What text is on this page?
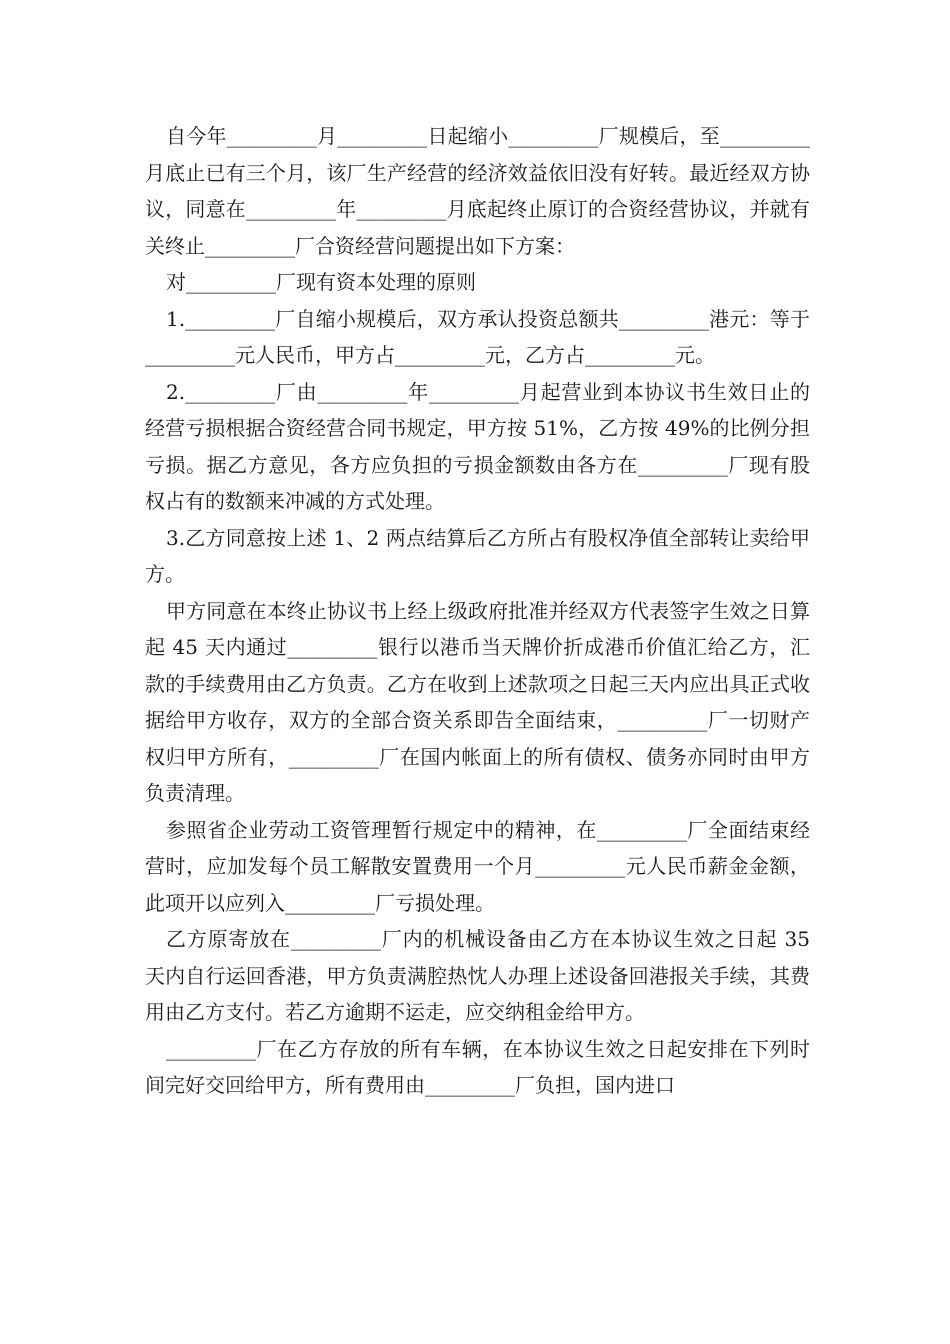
自今年_________月_________日起缩小_________厂规模后，至_________月底止已有三个月，该厂生产经营的经济效益依旧没有好转。最近经双方协议，同意在_________年_________月底起终止原订的合资经营协议，并就有关终止_________厂合资经营问题提出如下方案：

对_________厂现有资本处理的原则

1._________厂自缩小规模后，双方承认投资总额共_________港元：等于_________元人民币，甲方占_________元，乙方占_________元。

2._________厂由_________年_________月起营业到本协议书生效日止的经营亏损根据合资经营合同书规定，甲方按 51%，乙方按 49%的比例分担亏损。据乙方意见，各方应负担的亏损金额数由各方在_________厂现有股权占有的数额来冲减的方式处理。

3.乙方同意按上述 1、2 两点结算后乙方所占有股权净值全部转让卖给甲方。

甲方同意在本终止协议书上经上级政府批准并经双方代表签字生效之日算起 45 天内通过_________银行以港币当天牌价折成港币价值汇给乙方，汇款的手续费用由乙方负责。乙方在收到上述款项之日起三天内应出具正式收据给甲方收存，双方的全部合资关系即告全面结束，_________厂一切财产权归甲方所有，_________厂在国内帐面上的所有债权、债务亦同时由甲方负责清理。

参照省企业劳动工资管理暂行规定中的精神，在_________厂全面结束经营时，应加发每个员工解散安置费用一个月_________元人民币薪金金额，此项开以应列入_________厂亏损处理。

乙方原寄放在_________厂内的机械设备由乙方在本协议生效之日起 35 天内自行运回香港，甲方负责满腔热忱人办理上述设备回港报关手续，其费用由乙方支付。若乙方逾期不运走，应交纳租金给甲方。

_________厂在乙方存放的所有车辆，在本协议生效之日起安排在下列时间完好交回给甲方，所有费用由_________厂负担，国内进口
